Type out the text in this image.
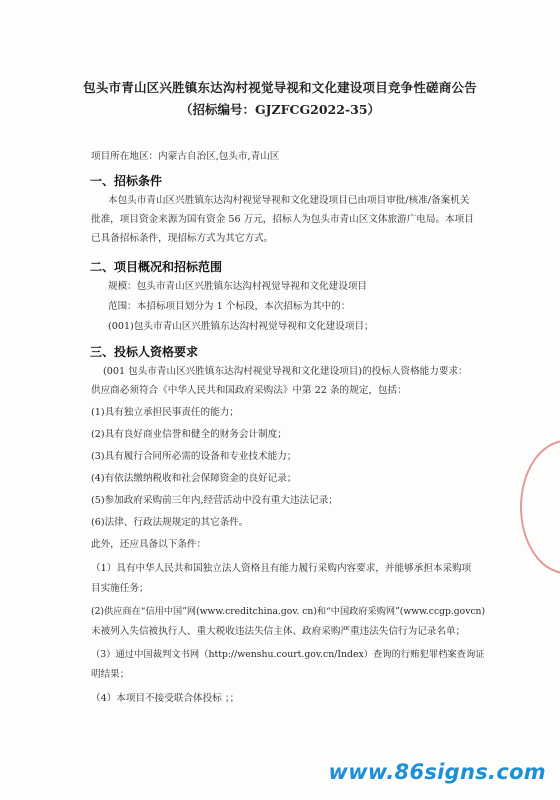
包头市青山区兴胜镇东达沟村视觉导视和文化建设项目竞争性磋商公告
（招标编号：GJZFCG2022-35）
项目所在地区：内蒙古自治区,包头市,青山区
一、招标条件
本包头市青山区兴胜镇东达沟村视觉导视和文化建设项目已由项目审批/核准/备案机关
批准，项目资金来源为国有资金 56 万元，招标人为包头市青山区文体旅游广电局。本项目
已具备招标条件，现招标方式为其它方式。
二、项目概况和招标范围
规模：包头市青山区兴胜镇东达沟村视觉导视和文化建设项目
范围：本招标项目划分为 1 个标段，本次招标为其中的：
(001)包头市青山区兴胜镇东达沟村视觉导视和文化建设项目；
三、投标人资格要求
(001 包头市青山区兴胜镇东达沟村视觉导视和文化建设项目)的投标人资格能力要求：
供应商必须符合《中华人民共和国政府采购法》中第 22 条的规定，包括：
(1)具有独立承担民事责任的能力；
(2)具有良好商业信誉和健全的财务会计制度；
(3)具有履行合同所必需的设备和专业技术能力；
(4)有依法缴纳税收和社会保障资金的良好记录；
(5)参加政府采购前三年内,经营活动中没有重大违法记录；
(6)法律、行政法规规定的其它条件。
此外，还应具备以下条件：
（1）具有中华人民共和国独立法人资格且有能力履行采购内容要求，并能够承担本采购项
目实施任务；
(2)供应商在“信用中国”网(www.creditchina.gov. cn)和“中国政府采购网”(www.ccgp.govcn)
未被列入失信被执行人、重大税收违法失信主体、政府采购严重违法失信行为记录名单；
（3）通过中国裁判文书网（http://wenshu.court.gov.cn/Index）查询的行贿犯罪档案查询证
明结果；
（4）本项目不接受联合体投标 ；；
www.86signs.com
